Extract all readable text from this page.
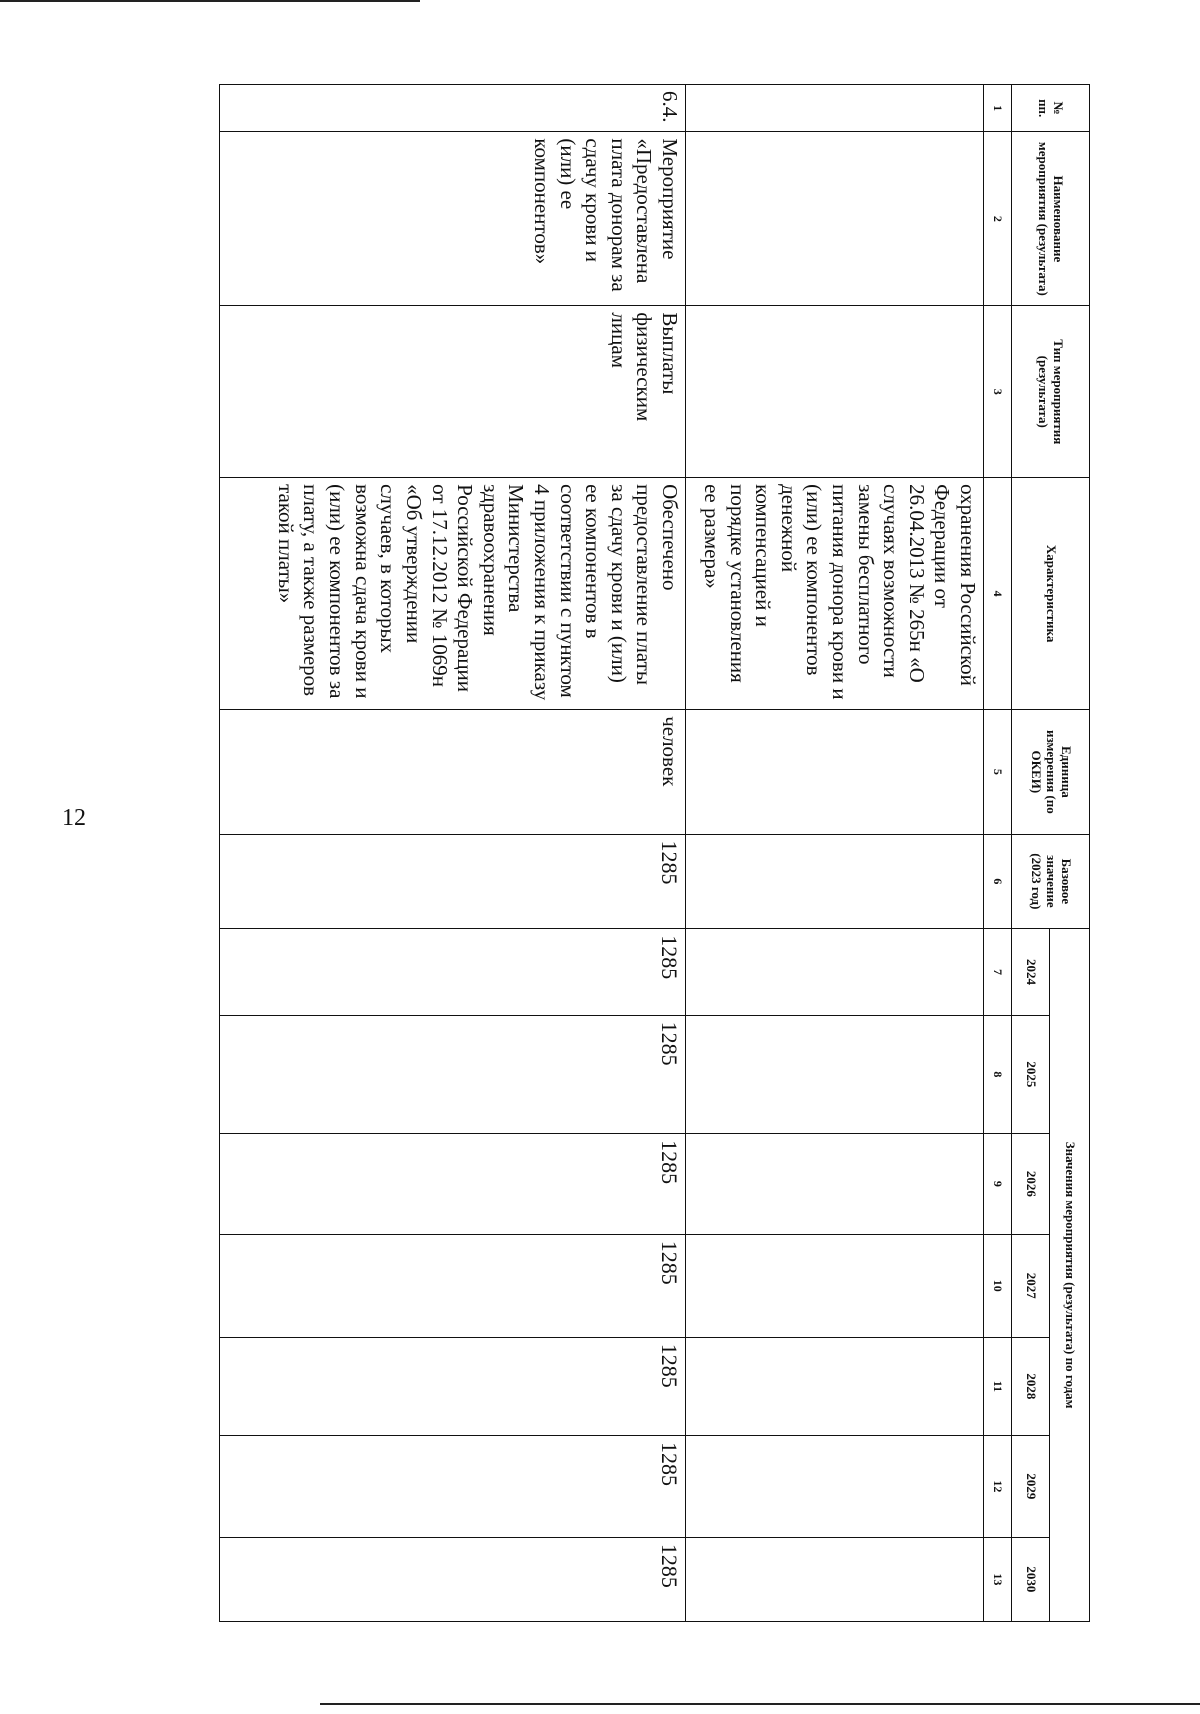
12
№ пп.	Наименование мероприятия (результата)	Тип мероприятия (результата)	Характеристика	Единица измерения (по ОКЕИ)	Базовое значение (2023 год)	Значения мероприятия (результата) по годам						
						2024	2025	2026	2027	2028	2029	2030
1	2	3	4	5	6	7	8	9	10	11	12	13
			охранения Российской Федерации от 26.04.2013 № 265н «О случаях возможности замены бесплатного питания донора крови и (или) ее компонентов денежной компенсацией и порядке установления ее размера»									
6.4.	Мероприятие «Предоставлена плата донорам за сдачу крови и (или) ее компонентов»	Выплаты физическим лицам	Обеспечено предоставление платы за сдачу крови и (или) ее компонентов в соответствии с пунктом 4 приложения к приказу Министерства здравоохранения Российской Федерации от 17.12.2012 № 1069н «Об утверждении случаев, в которых возможна сдача крови и (или) ее компонентов за плату, а также размеров такой платы»	человек	1285	1285	1285	1285	1285	1285	1285	1285
